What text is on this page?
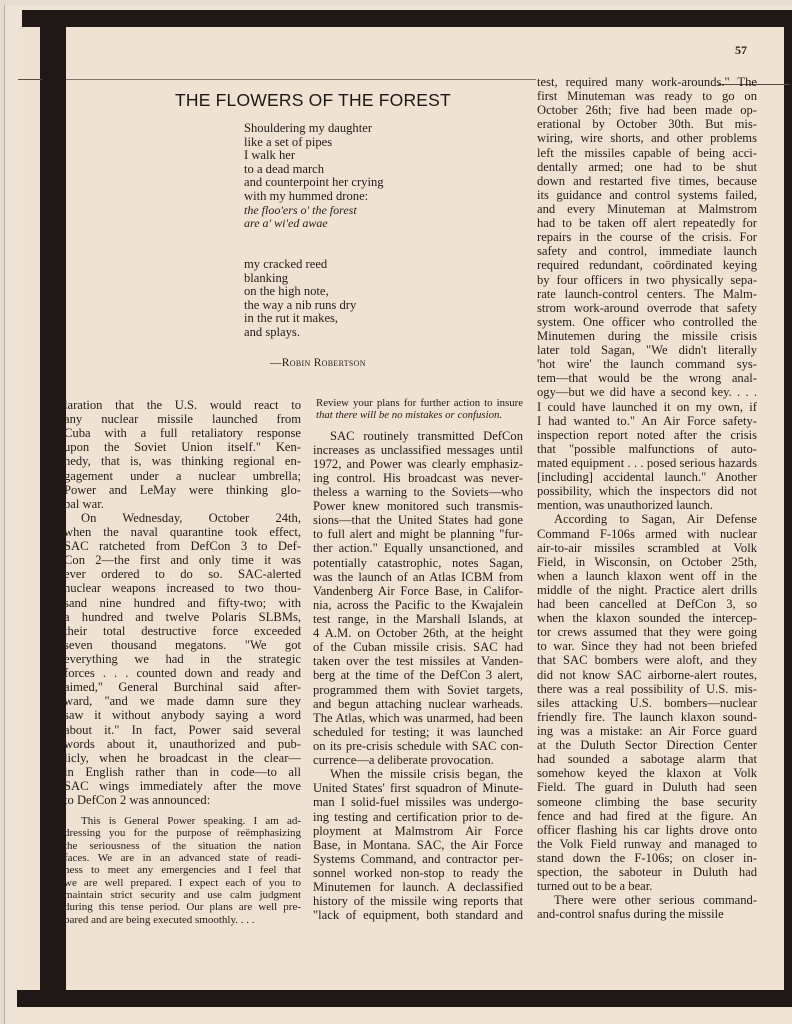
57
THE FLOWERS OF THE FOREST
Shouldering my daughter
like a set of pipes
I walk her
to a dead march
and counterpoint her crying
with my hummed drone:
the floo'ers o' the forest
are a' wi'ed awae
my cracked reed
blanking
on the high note,
the way a nib runs dry
in the rut it makes,
and splays.
—Robin Robertson
laration that the U.S. would react to
any nuclear missile launched from
Cuba with a full retaliatory response
upon the Soviet Union itself." Ken-
nedy, that is, was thinking regional en-
gagement under a nuclear umbrella;
Power and LeMay were thinking glo-
bal war.
On Wednesday, October 24th,
when the naval quarantine took effect,
SAC ratcheted from DefCon 3 to Def-
Con 2—the first and only time it was
ever ordered to do so. SAC-alerted
nuclear weapons increased to two thou-
sand nine hundred and fifty-two; with
a hundred and twelve Polaris SLBMs,
their total destructive force exceeded
seven thousand megatons. "We got
everything we had in the strategic
forces . . . counted down and ready and
aimed," General Burchinal said after-
ward, "and we made damn sure they
saw it without anybody saying a word
about it." In fact, Power said several
words about it, unauthorized and pub-
licly, when he broadcast in the clear—
in English rather than in code—to all
SAC wings immediately after the move
to DefCon 2 was announced:
This is General Power speaking. I am ad-
dressing you for the purpose of reëmphasizing
the seriousness of the situation the nation
faces. We are in an advanced state of readi-
ness to meet any emergencies and I feel that
we are well prepared. I expect each of you to
maintain strict security and use calm judgment
during this tense period. Our plans are well pre-
pared and are being executed smoothly. . . .
Review your plans for further action to insure
that there will be no mistakes or confusion.
SAC routinely transmitted DefCon
increases as unclassified messages until
1972, and Power was clearly emphasiz-
ing control. His broadcast was never-
theless a warning to the Soviets—who
Power knew monitored such transmis-
sions—that the United States had gone
to full alert and might be planning "fur-
ther action." Equally unsanctioned, and
potentially catastrophic, notes Sagan,
was the launch of an Atlas ICBM from
Vandenberg Air Force Base, in Califor-
nia, across the Pacific to the Kwajalein
test range, in the Marshall Islands, at
4 A.M. on October 26th, at the height
of the Cuban missile crisis. SAC had
taken over the test missiles at Vanden-
berg at the time of the DefCon 3 alert,
programmed them with Soviet targets,
and begun attaching nuclear warheads.
The Atlas, which was unarmed, had been
scheduled for testing; it was launched
on its pre-crisis schedule with SAC con-
currence—a deliberate provocation.
When the missile crisis began, the
United States' first squadron of Minute-
man I solid-fuel missiles was undergo-
ing testing and certification prior to de-
ployment at Malmstrom Air Force
Base, in Montana. SAC, the Air Force
Systems Command, and contractor per-
sonnel worked non-stop to ready the
Minutemen for launch. A declassified
history of the missile wing reports that
"lack of equipment, both standard and
test, required many work-arounds." The
first Minuteman was ready to go on
October 26th; five had been made op-
erational by October 30th. But mis-
wiring, wire shorts, and other problems
left the missiles capable of being acci-
dentally armed; one had to be shut
down and restarted five times, because
its guidance and control systems failed,
and every Minuteman at Malmstrom
had to be taken off alert repeatedly for
repairs in the course of the crisis. For
safety and control, immediate launch
required redundant, coördinated keying
by four officers in two physically sepa-
rate launch-control centers. The Malm-
strom work-around overrode that safety
system. One officer who controlled the
Minutemen during the missile crisis
later told Sagan, "We didn't literally
'hot wire' the launch command sys-
tem—that would be the wrong anal-
ogy—but we did have a second key. . . .
I could have launched it on my own, if
I had wanted to." An Air Force safety-
inspection report noted after the crisis
that "possible malfunctions of auto-
mated equipment . . . posed serious hazards
[including] accidental launch." Another
possibility, which the inspectors did not
mention, was unauthorized launch.
According to Sagan, Air Defense
Command F-106s armed with nuclear
air-to-air missiles scrambled at Volk
Field, in Wisconsin, on October 25th,
when a launch klaxon went off in the
middle of the night. Practice alert drills
had been cancelled at DefCon 3, so
when the klaxon sounded the intercep-
tor crews assumed that they were going
to war. Since they had not been briefed
that SAC bombers were aloft, and they
did not know SAC airborne-alert routes,
there was a real possibility of U.S. mis-
siles attacking U.S. bombers—nuclear
friendly fire. The launch klaxon sound-
ing was a mistake: an Air Force guard
at the Duluth Sector Direction Center
had sounded a sabotage alarm that
somehow keyed the klaxon at Volk
Field. The guard in Duluth had seen
someone climbing the base security
fence and had fired at the figure. An
officer flashing his car lights drove onto
the Volk Field runway and managed to
stand down the F-106s; on closer in-
spection, the saboteur in Duluth had
turned out to be a bear.
There were other serious command-
and-control snafus during the missile
